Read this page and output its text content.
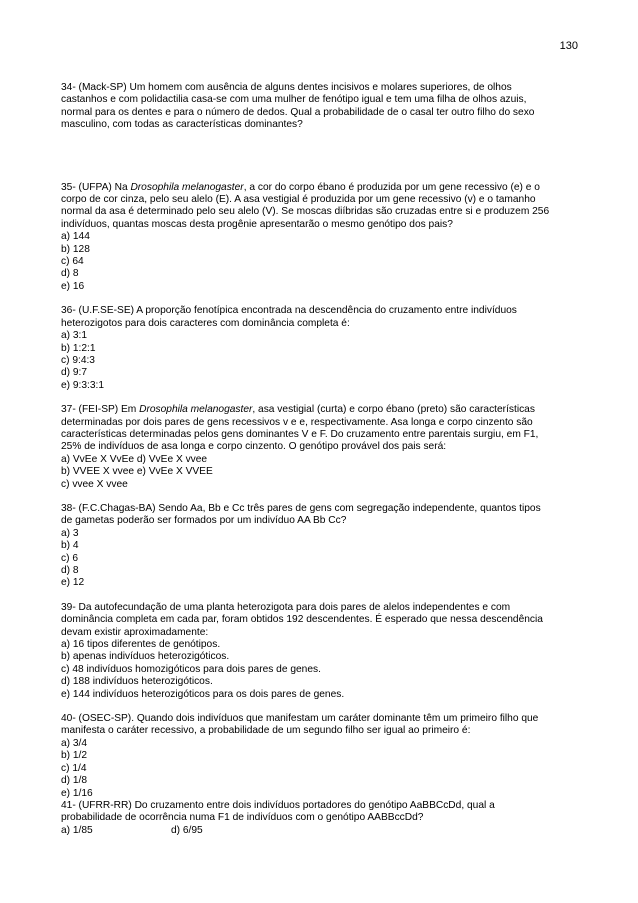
130
34- (Mack-SP) Um homem com ausência de alguns dentes incisivos e molares superiores, de olhos
castanhos e com polidactilia casa-se com uma mulher de fenótipo igual e tem uma filha de olhos azuis,
normal para os dentes e para o número de dedos. Qual a probabilidade de o casal ter outro filho do sexo
masculino, com todas as características dominantes?
35- (UFPA) Na Drosophila melanogaster, a cor do corpo ébano é produzida por um gene recessivo (e) e o
corpo de cor cinza, pelo seu alelo (E). A asa vestigial é produzida por um gene recessivo (v) e o tamanho
normal da asa é determinado pelo seu alelo (V). Se moscas diíbridas são cruzadas entre si e produzem 256
indivíduos, quantas moscas desta progênie apresentarão o mesmo genótipo dos pais?
a) 144
b) 128
c) 64
d) 8
e) 16
36- (U.F.SE-SE) A proporção fenotípica encontrada na descendência do cruzamento entre indivíduos
heterozigotos para dois caracteres com dominância completa é:
a) 3:1
b) 1:2:1
c) 9:4:3
d) 9:7
e) 9:3:3:1
37- (FEI-SP) Em Drosophila melanogaster, asa vestigial (curta) e corpo ébano (preto) são características
determinadas por dois pares de gens recessivos v e e, respectivamente. Asa longa e corpo cinzento são
características determinadas pelos gens dominantes V e F. Do cruzamento entre parentais surgiu, em F1,
25% de indivíduos de asa longa e corpo cinzento. O genótipo provável dos pais será:
a) VvEe X VvEe d) VvEe X vvee
b) VVEE X vvee e) VvEe X VVEE
c) vvee X vvee
38- (F.C.Chagas-BA) Sendo Aa, Bb e Cc três pares de gens com segregação independente, quantos tipos
de gametas poderão ser formados por um indivíduo AA Bb Cc?
a) 3
b) 4
c) 6
d) 8
e) 12
39- Da autofecundação de uma planta heterozigota para dois pares de alelos independentes e com
dominância completa em cada par, foram obtidos 192 descendentes. É esperado que nessa descendência
devam existir aproximadamente:
a) 16 tipos diferentes de genótipos.
b) apenas indivíduos heterozigóticos.
c) 48 indivíduos homozigóticos para dois pares de genes.
d) 188 indivíduos heterozigóticos.
e) 144 indivíduos heterozigóticos para os dois pares de genes.
40- (OSEC-SP). Quando dois indivíduos que manifestam um caráter dominante têm um primeiro filho que
manifesta o caráter recessivo, a probabilidade de um segundo filho ser igual ao primeiro é:
a) 3/4
b) 1/2
c) 1/4
d) 1/8
e) 1/16
41- (UFRR-RR) Do cruzamento entre dois indivíduos portadores do genótipo AaBBCcDd, qual a
probabilidade de ocorrência numa F1 de indivíduos com o genótipo AABBccDd?
a) 1/85	d) 6/95
